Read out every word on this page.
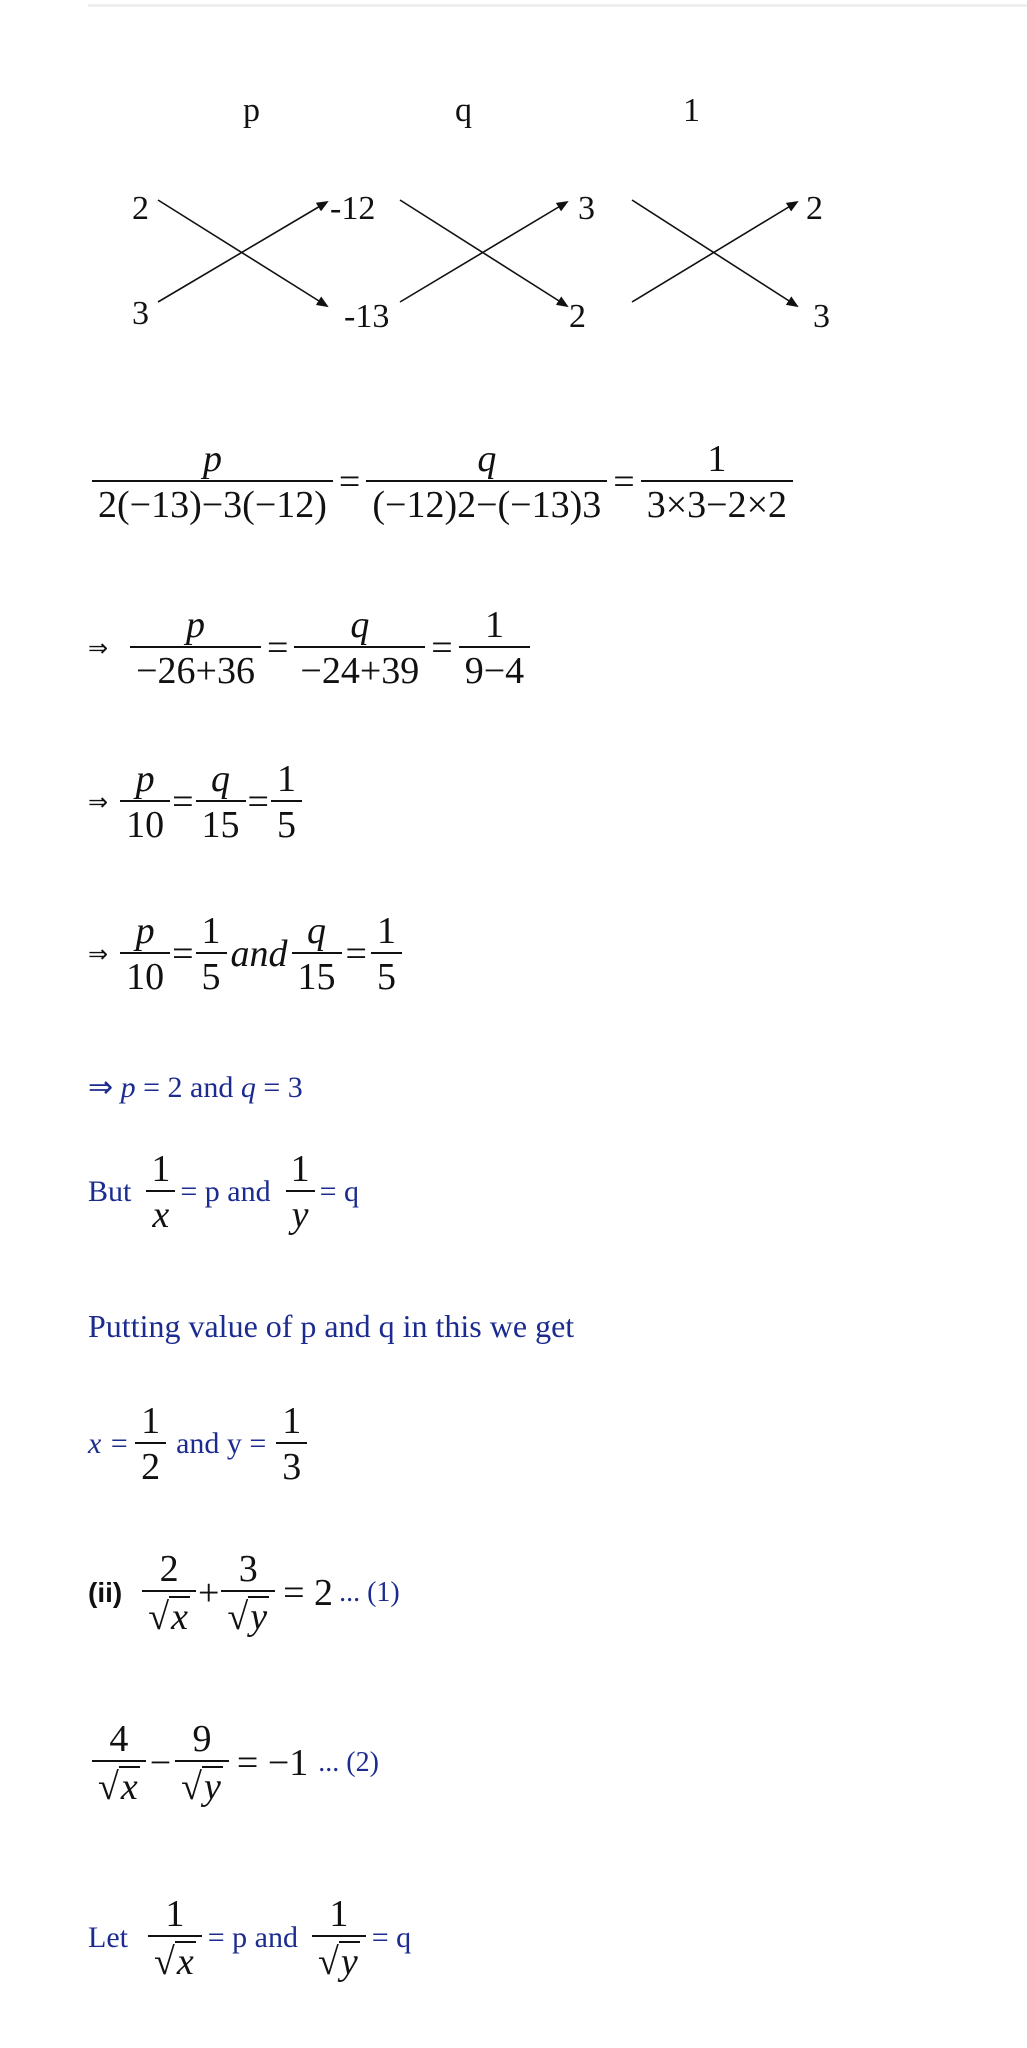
p	q	1
2
3
-12
-13
3
2
2
3
$\frac{p}{2(-13)-3(-12)} = \frac{q}{(-12)2-(-13)3} = \frac{1}{3\times 3-2\times 2}$
⇒ $\frac{p}{-26+36} = \frac{q}{-24+39} = \frac{1}{9-4}$
⇒ $\frac{p}{10} = \frac{q}{15} = \frac{1}{5}$
⇒ $\frac{p}{10} = \frac{1}{5}$ and $\frac{q}{15} = \frac{1}{5}$
⇒ p = 2 and q = 3
But $\frac{1}{x} = p$ and $\frac{1}{y} = q$
Putting value of p and q in this we get
$x = \frac{1}{2}$ and $y = \frac{1}{3}$
$(ii) \frac{2}{√ x} + \frac{3}{√ y} = 2$ ... (1)
$\frac{4}{√ x} - \frac{9}{√ y} = -1$ ... (2)
Let $\frac{1}{√ x} = p$ and $\frac{1}{√ y} = q$
